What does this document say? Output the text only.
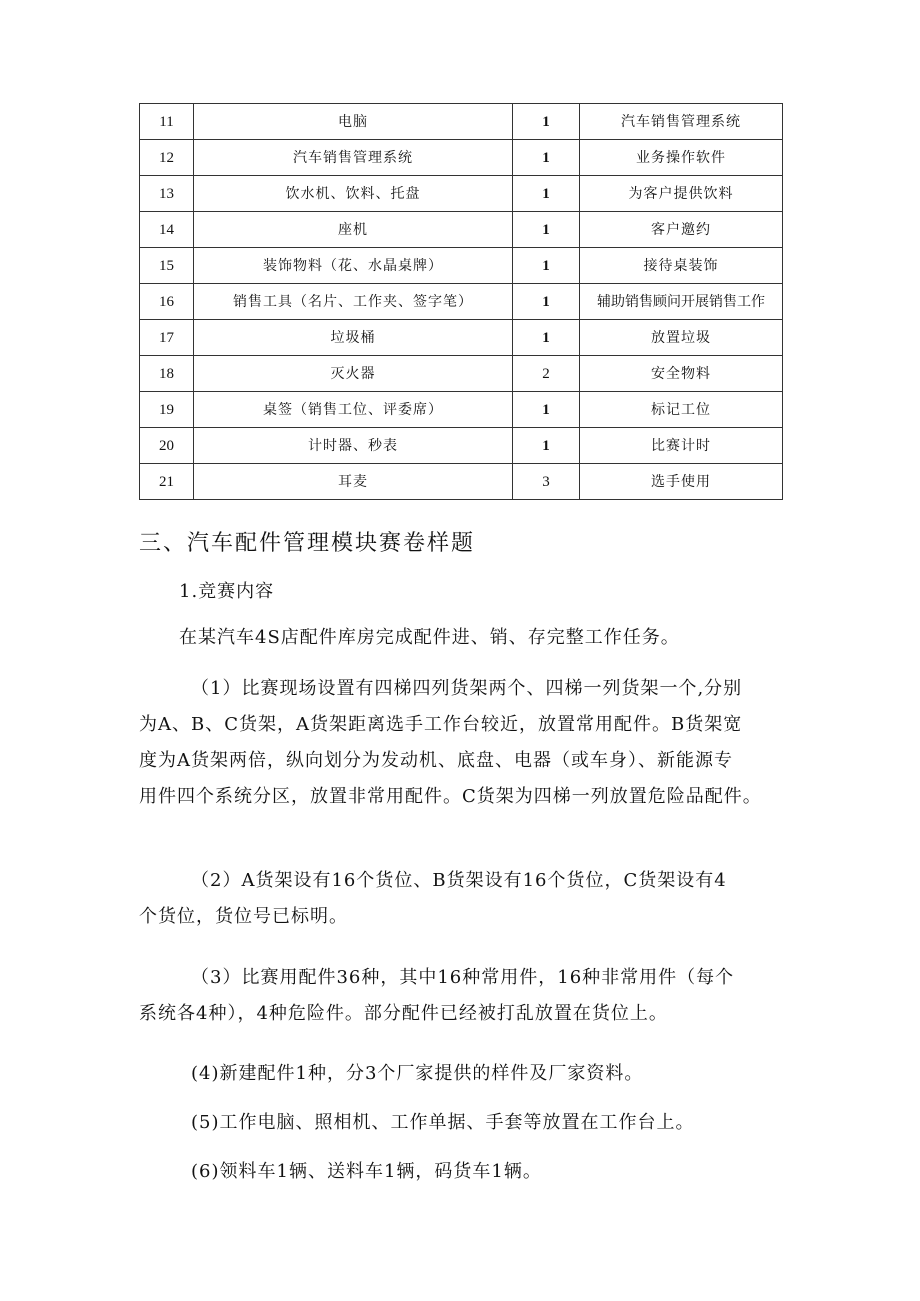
11	电脑	1	汽车销售管理系统
12	汽车销售管理系统	1	业务操作软件
13	饮水机、饮料、托盘	1	为客户提供饮料
14	座机	1	客户邀约
15	装饰物料（花、水晶桌牌）	1	接待桌装饰
16	销售工具（名片、工作夹、签字笔）	1	辅助销售顾问开展销售工作
17	垃圾桶	1	放置垃圾
18	灭火器	2	安全物料
19	桌签（销售工位、评委席）	1	标记工位
20	计时器、秒表	1	比赛计时
21	耳麦	3	选手使用
三、汽车配件管理模块赛卷样题

1.竞赛内容

在某汽车4S店配件库房完成配件进、销、存完整工作任务。

（1）比赛现场设置有四梯四列货架两个、四梯一列货架一个,分别
为A、B、C货架，A货架距离选手工作台较近，放置常用配件。B货架宽
度为A货架两倍，纵向划分为发动机、底盘、电器（或车身）、新能源专
用件四个系统分区，放置非常用配件。C货架为四梯一列放置危险品配件。

（2）A货架设有16个货位、B货架设有16个货位，C货架设有4
个货位，货位号已标明。

（3）比赛用配件36种，其中16种常用件，16种非常用件（每个
系统各4种），4种危险件。部分配件已经被打乱放置在货位上。

(4)新建配件1种，分3个厂家提供的样件及厂家资料。

(5)工作电脑、照相机、工作单据、手套等放置在工作台上。

(6)领料车1辆、送料车1辆，码货车1辆。
